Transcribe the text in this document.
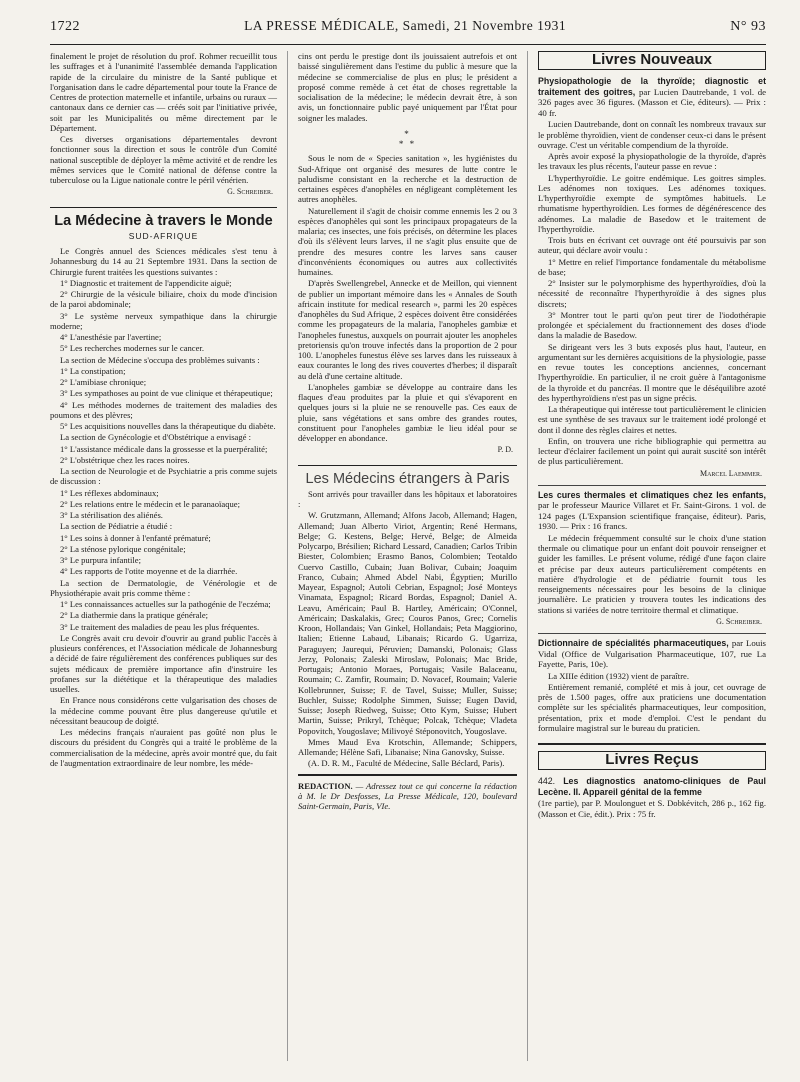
1722	LA PRESSE MÉDICALE, Samedi, 21 Novembre 1931	N° 93

finalement le projet de résolution du prof. Rohmer recueillit tous les suffrages et à l'unanimité l'assemblée demanda l'application rapide de la circulaire du ministre de la Santé publique et l'organisation dans le cadre départemental pour toute la France de Centres de protection maternelle et infantile, urbains ou ruraux — cantonaux dans ce dernier cas — créés soit par l'initiative privée, soit par les Municipalités ou même directement par le Département.

Ces diverses organisations départementales devront fonctionner sous la direction et sous le contrôle d'un Comité national susceptible de déployer la même activité et de rendre les mêmes services que le Comité national de défense contre la tuberculose ou la Ligue nationale contre le péril vénérien.

G. Schreiber.
La Médecine à travers le Monde
SUD-AFRIQUE

Le Congrès annuel des Sciences médicales s'est tenu à Johannesburg du 14 au 21 Septembre 1931. Dans la section de Chirurgie furent traitées les questions suivantes :

1° Diagnostic et traitement de l'appendicite aiguë;

2° Chirurgie de la vésicule biliaire, choix du mode d'incision de la paroi abdominale;

3° Le système nerveux sympathique dans la chirurgie moderne;

4° L'anesthésie par l'avertine;

5° Les recherches modernes sur le cancer.

La section de Médecine s'occupa des problèmes suivants :

1° La constipation;

2° L'amibiase chronique;

3° Les sympathoses au point de vue clinique et thérapeutique;

4° Les méthodes modernes de traitement des maladies des poumons et des plèvres;

5° Les acquisitions nouvelles dans la thérapeutique du diabète.

La section de Gynécologie et d'Obstétrique a envisagé :

1° L'assistance médicale dans la grossesse et la puerpéralité;

2° L'obstétrique chez les races noires.

La section de Neurologie et de Psychiatrie a pris comme sujets de discussion :

1° Les réflexes abdominaux;

2° Les relations entre le médecin et le paranaoïaque;

3° La stérilisation des aliénés.

La section de Pédiatrie a étudié :

1° Les soins à donner à l'enfanté prématuré;

2° La sténose pylorique congénitale;

3° Le purpura infantile;

4° Les rapports de l'otite moyenne et de la diarrhée.

La section de Dermatologie, de Vénérologie et de Physiothérapie avait pris comme thème :

1° Les connaissances actuelles sur la pathogénie de l'eczéma;

2° La diathermie dans la pratique générale;

3° Le traitement des maladies de peau les plus fréquentes.

Le Congrès avait cru devoir d'ouvrir au grand public l'accès à plusieurs conférences, et l'Association médicale de Johannesburg a décidé de faire régulièrement des conférences publiques sur des sujets médicaux de première importance afin d'instruire les profanes sur la diététique et la thérapeutique des maladies usuelles.

En France nous considérons cette vulgarisation des choses de la médecine comme pouvant être plus dangereuse qu'utile et nécessitant beaucoup de doigté.

Les médecins français n'auraient pas goûté non plus le discours du président du Congrès qui a traité le problème de la commercialisation de la médecine, après avoir montré que, du fait de l'augmentation extraordinaire de leur nombre, les méde-

cins ont perdu le prestige dont ils jouissaient autrefois et ont baissé singulièrement dans l'estime du public à mesure que la médecine se commercialise de plus en plus; le président a proposé comme remède à cet état de choses regrettable la socialisation de la médecine; le médecin devrait être, à son avis, un fonctionnaire public payé uniquement par l'État pour soigner les malades.

*
* *

Sous le nom de « Species sanitation », les hygiénistes du Sud-Afrique ont organisé des mesures de lutte contre le paludisme consistant en la recherche et la destruction de certaines espèces d'anophèles en négligeant complètement les autres anophèles.

Naturellement il s'agit de choisir comme ennemis les 2 ou 3 espèces d'anophèles qui sont les principaux propagateurs de la malaria; ces insectes, une fois précisés, on détermine les places d'où ils s'élèvent leurs larves, il ne s'agit plus ensuite que de prendre des mesures contre les larves sans causer d'inconvénients économiques ou autres aux collectivités humaines.

D'après Swellengrebel, Annecke et de Meillon, qui viennent de publier un important mémoire dans les « Annales de South africain institute for medical research », parmi les 20 espèces d'anophèles du Sud Afrique, 2 espèces doivent être considérées comme les propagateurs de la malaria, l'anopheles gambiæ et l'anopheles funestus, auxquels on pourrait ajouter les anopheles pretoriensis qu'on trouve infectés dans la proportion de 2 pour 100. L'anopheles funestus élève ses larves dans les ruisseaux à eaux courantes le long des rives couvertes d'herbes; il disparaît au delà d'une certaine altitude.

L'anopheles gambiæ se développe au contraire dans les flaques d'eau produites par la pluie et qui s'évaporent en quelques jours si la pluie ne se renouvelle pas. Ces eaux de pluie, sans végétations et sans ombre des grandes routes, constituent pour l'anopheles gambiæ le lieu idéal pour se développer en abondance.

P. D.
Les Médecins étrangers à Paris

Sont arrivés pour travailler dans les hôpitaux et laboratoires :

W. Grutzmann, Allemand; Alfons Jacob, Allemand; Hagen, Allemand; Juan Alberto Viriot, Argentin; René Hermans, Belge; G. Kestens, Belge; Hervé, Belge; de Almeida Polycarpo, Brésilien; Richard Lessard, Canadien; Carlos Tribin Biester, Colombien; Erasmo Banos, Colombien; Teotaldo Cuervo Castillo, Cubain; Juan Bolivar, Cubain; Joaquim Franco, Cubain; Ahmed Abdel Nabi, Égyptien; Murillo Mayear, Espagnol; Autoli Cebrian, Espagnol; José Monteys Vinamata, Espagnol; Ricard Bordas, Espagnol; Daniel A. Leavu, Américain; Paul B. Hartley, Américain; O'Connel, Américain; Daskalakis, Grec; Couros Panos, Grec; Cornelis Kroon, Hollandais; Van Ginkel, Hollandais; Peta Maggiorino, Italien; Etienne Labaud, Libanais; Ricardo G. Ugarriza, Paraguyen; Jaurequi, Péruvien; Damanski, Polonais; Glass Jerzy, Polonais; Zaleski Miroslaw, Polonais; Mac Bride, Portugais; Antonio Moraes, Portugais; Vasile Balaceanu, Roumain; C. Zamfir, Roumain; D. Novacef, Roumain; Valerie Kollebrunner, Suisse; F. de Tavel, Suisse; Muller, Suisse; Buchler, Suisse; Rodolphe Simmen, Suisse; Eugen David, Suisse; Joseph Riedweg, Suisse; Otto Kym, Suisse; Hubert Martin, Suisse; Prikryl, Tchèque; Polcak, Tchèque; Vladeta Popovitch, Yougoslave; Milivoyé Stéponovitch, Yougoslave.

Mmes Maud Eva Krotschin, Allemande; Schippers, Allemande; Hélène Safi, Libanaise; Nina Ganovsky, Suisse.

(A. D. R. M., Faculté de Médecine, Salle Béclard, Paris).

REDACTION. — Adressez tout ce qui concerne la rédaction à M. le Dr Desfosses, La Presse Médicale, 120, boulevard Saint-Germain, Paris, VIe.

Livres Nouveaux

Physiopathologie de la thyroïde; diagnostic et traitement des goitres, par Lucien Dautrebande, 1 vol. de 326 pages avec 36 figures. (Masson et Cie, éditeurs). — Prix : 40 fr.

Lucien Dautrebande, dont on connaît les nombreux travaux sur le problème thyroïdien, vient de condenser ceux-ci dans le présent ouvrage. C'est un véritable compendium de la thyroïde.

Après avoir exposé la physiopathologie de la thyroïde, d'après les travaux les plus récents, l'auteur passe en revue :

L'hyperthyroïdie. Le goitre endémique. Les goitres simples. Les adénomes non toxiques. Les adénomes toxiques. L'hyperthyroïdie exempte de symptômes habituels. Le rhumatisme hyperthyroïdien. Les formes de dégénérescence des adénomes. La maladie de Basedow et le traitement de l'hyperthyroïdie.

Trois buts en écrivant cet ouvrage ont été poursuivis par son auteur, qui déclare avoir voulu :

1° Mettre en relief l'importance fondamentale du métabolisme de base;

2° Insister sur le polymorphisme des hyperthyroïdies, d'où la nécessité de reconnaître l'hyperthyroïdie à des signes plus discrets;

3° Montrer tout le parti qu'on peut tirer de l'iodothérapie prolongée et spécialement du fractionnement des doses d'iode dans la maladie de Basedow.

Se dirigeant vers les 3 buts exposés plus haut, l'auteur, en argumentant sur les dernières acquisitions de la physiologie, passe en revue toutes les conceptions anciennes, concernant l'hyperthyroïdie. En particulier, il ne croit guère à l'antagonisme de la thyroïde et du pancréas. Il montre que le déséquilibre azoté des hyperthyroïdiens n'est pas un signe précis.

La thérapeutique qui intéresse tout particulièrement le clinicien est une synthèse de ses travaux sur le traitement iodé prolongé et dont il donne des règles claires et nettes.

Enfin, on trouvera une riche bibliographie qui permettra au lecteur d'éclairer facilement un point qui aurait suscité son intérêt de plus particulièrement.

Marcel Laemmer.

Les cures thermales et climatiques chez les enfants, par le professeur Maurice Villaret et Fr. Saint-Girons. 1 vol. de 124 pages (L'Expansion scientifique française, éditeur). Paris, 1930. — Prix : 16 francs.

Le médecin fréquemment consulté sur le choix d'une station thermale ou climatique pour un enfant doit pouvoir renseigner et guider les familles. Le présent volume, rédigé d'une façon claire et précise par deux auteurs particulièrement compétents en matière d'hydrologie et de pédiatrie fournit tous les renseignements nécessaires pour les besoins de la clinique journalière. Le praticien y trouvera toutes les indications des stations si variées de notre territoire thermal et climatique.

G. Schreiber.

Dictionnaire de spécialités pharmaceutiques, par Louis Vidal (Office de Vulgarisation Pharmaceutique, 107, rue La Fayette, Paris, 10e).

La XIIIe édition (1932) vient de paraître.

Entièrement remanié, complété et mis à jour, cet ouvrage de près de 1.500 pages, offre aux praticiens une documentation complète sur les spécialités pharmaceutiques, leur composition, présentation, prix et mode d'emploi. C'est le pendant du formulaire magistral sur le bureau du praticien.

Livres Reçus

442. Les diagnostics anatomo-cliniques de Paul Lecène. II. Appareil génital de la femme

(1re partie), par P. Moulonguet et S. Dobkévitch, 286 p., 162 fig. (Masson et Cie, édit.). Prix : 75 fr.
